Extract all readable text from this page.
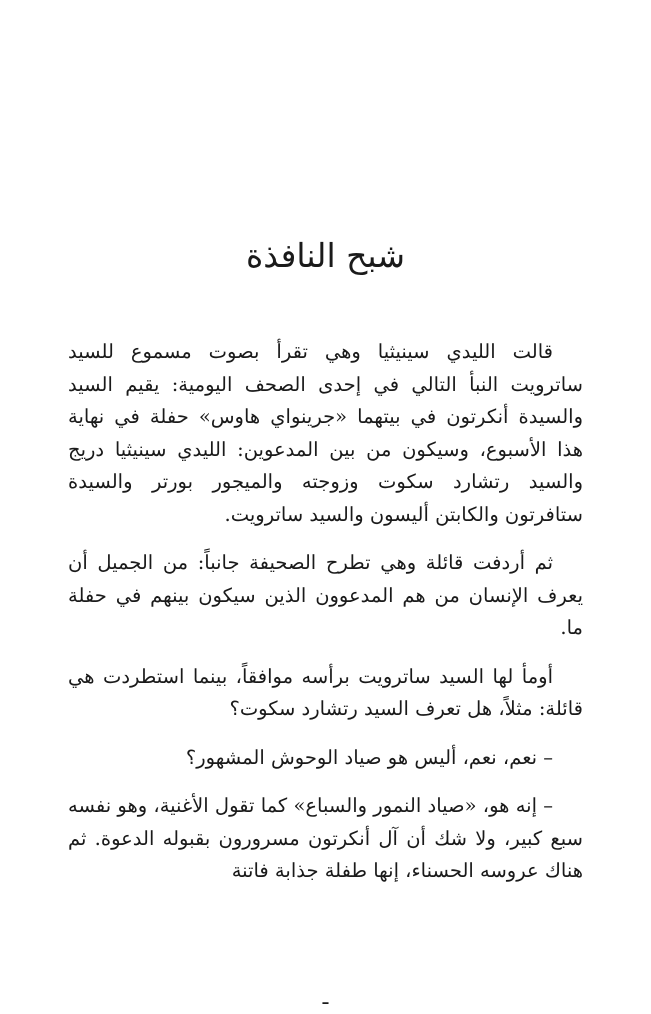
شبح النافذة

قالت الليدي سينيثيا وهي تقرأ بصوت مسموع للسيد ساترويت النبأ التالي في إحدى الصحف اليومية: يقيم السيد والسيدة أنكرتون في بيتهما «جرينواي هاوس» حفلة في نهاية هذا الأسبوع، وسيكون من بين المدعوين: الليدي سينيثيا دريج والسيد رتشارد سكوت وزوجته والميجور بورتر والسيدة ستافرتون والكابتن أليسون والسيد ساترويت.

ثم أردفت قائلة وهي تطرح الصحيفة جانباً: من الجميل أن يعرف الإنسان من هم المدعوون الذين سيكون بينهم في حفلة ما.

أومأ لها السيد ساترويت برأسه موافقاً، بينما استطردت هي قائلة: مثلاً، هل تعرف السيد رتشارد سكوت؟

– نعم، نعم، أليس هو صياد الوحوش المشهور؟

– إنه هو، «صياد النمور والسباع» كما تقول الأغنية، وهو نفسه سبع كبير، ولا شك أن آل أنكرتون مسرورون بقبوله الدعوة. ثم هناك عروسه الحسناء، إنها طفلة جذابة فاتنة

ـ
